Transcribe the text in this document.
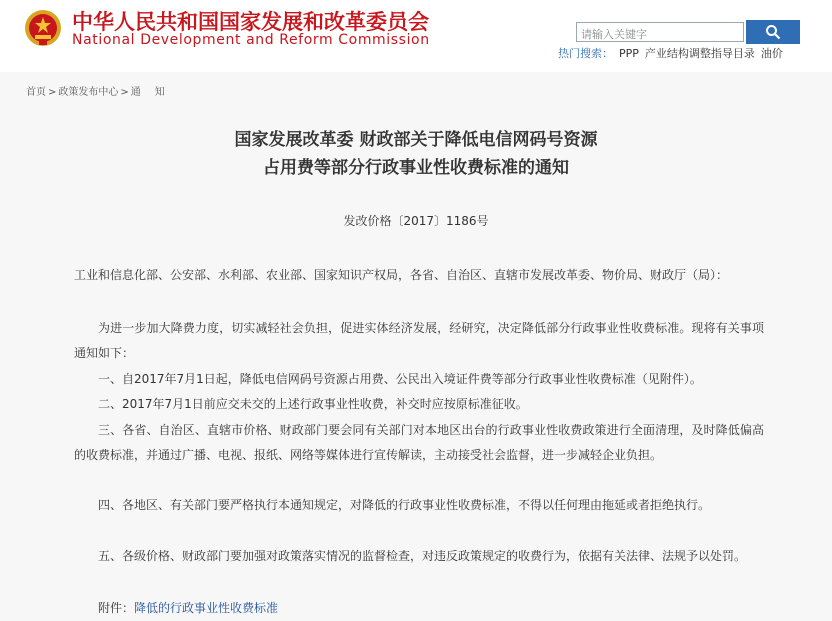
中华人民共和国国家发展和改革委员会
National Development and Reform Commission	请输入关键字
热门搜索： PPP 产业结构调整指导目录 油价
首页 > 政策发布中心 > 通知
国家发展改革委 财政部关于降低电信网码号资源
占用费等部分行政事业性收费标准的通知
发改价格〔2017〕1186号
工业和信息化部、公安部、水利部、农业部、国家知识产权局，各省、自治区、直辖市发展改革委、物价局、财政厅（局）：
为进一步加大降费力度，切实减轻社会负担，促进实体经济发展，经研究，决定降低部分行政事业性收费标准。现将有关事项通知如下：
一、自2017年7月1日起，降低电信网码号资源占用费、公民出入境证件费等部分行政事业性收费标准（见附件）。
二、2017年7月1日前应交未交的上述行政事业性收费，补交时应按原标准征收。
三、各省、自治区、直辖市价格、财政部门要会同有关部门对本地区出台的行政事业性收费政策进行全面清理，及时降低偏高的收费标准，并通过广播、电视、报纸、网络等媒体进行宣传解读，主动接受社会监督，进一步减轻企业负担。
四、各地区、有关部门要严格执行本通知规定，对降低的行政事业性收费标准，不得以任何理由拖延或者拒绝执行。
五、各级价格、财政部门要加强对政策落实情况的监督检查，对违反政策规定的收费行为，依据有关法律、法规予以处罚。
附件：降低的行政事业性收费标准
